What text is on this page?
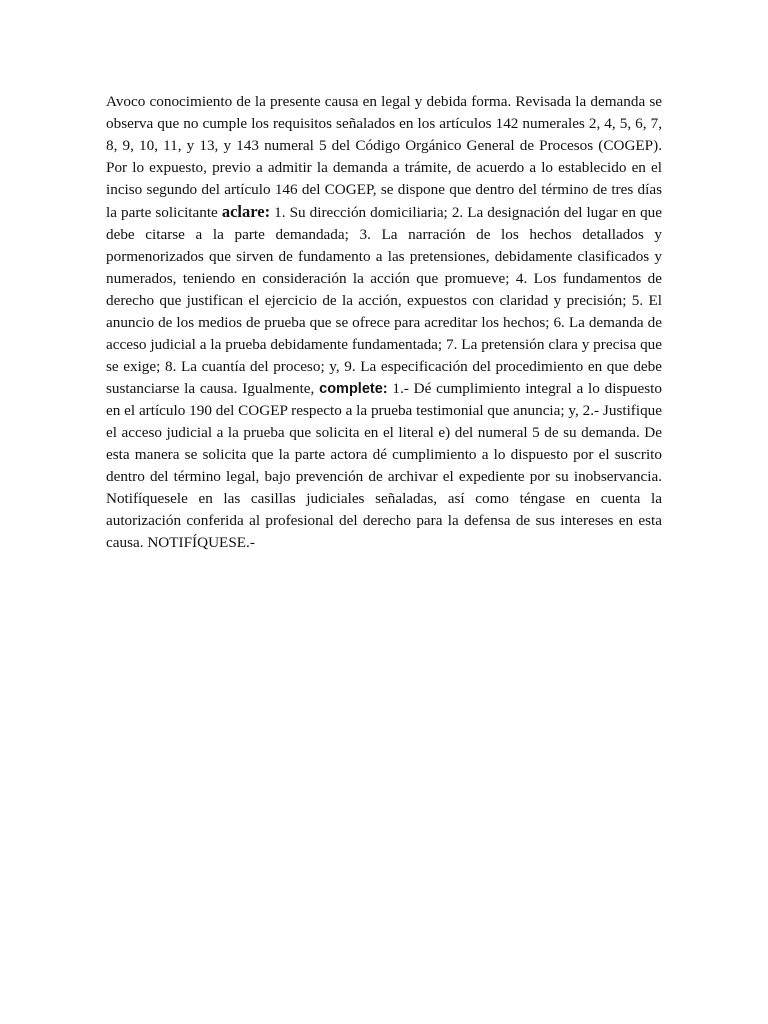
Avoco conocimiento de la presente causa en legal y debida forma. Revisada la demanda se observa que no cumple los requisitos señalados en los artículos 142 numerales 2, 4, 5, 6, 7, 8, 9, 10, 11, y 13, y 143 numeral 5 del Código Orgánico General de Procesos (COGEP). Por lo expuesto, previo a admitir la demanda a trámite, de acuerdo a lo establecido en el inciso segundo del artículo 146 del COGEP, se dispone que dentro del término de tres días la parte solicitante aclare: 1. Su dirección domiciliaria; 2. La designación del lugar en que debe citarse a la parte demandada; 3. La narración de los hechos detallados y pormenorizados que sirven de fundamento a las pretensiones, debidamente clasificados y numerados, teniendo en consideración la acción que promueve; 4. Los fundamentos de derecho que justifican el ejercicio de la acción, expuestos con claridad y precisión; 5. El anuncio de los medios de prueba que se ofrece para acreditar los hechos; 6. La demanda de acceso judicial a la prueba debidamente fundamentada; 7. La pretensión clara y precisa que se exige; 8. La cuantía del proceso; y, 9. La especificación del procedimiento en que debe sustanciarse la causa. Igualmente, complete: 1.- Dé cumplimiento integral a lo dispuesto en el artículo 190 del COGEP respecto a la prueba testimonial que anuncia; y, 2.- Justifique el acceso judicial a la prueba que solicita en el literal e) del numeral 5 de su demanda. De esta manera se solicita que la parte actora dé cumplimiento a lo dispuesto por el suscrito dentro del término legal, bajo prevención de archivar el expediente por su inobservancia. Notifíquesele en las casillas judiciales señaladas, así como téngase en cuenta la autorización conferida al profesional del derecho para la defensa de sus intereses en esta causa. NOTIFÍQUESE.-
